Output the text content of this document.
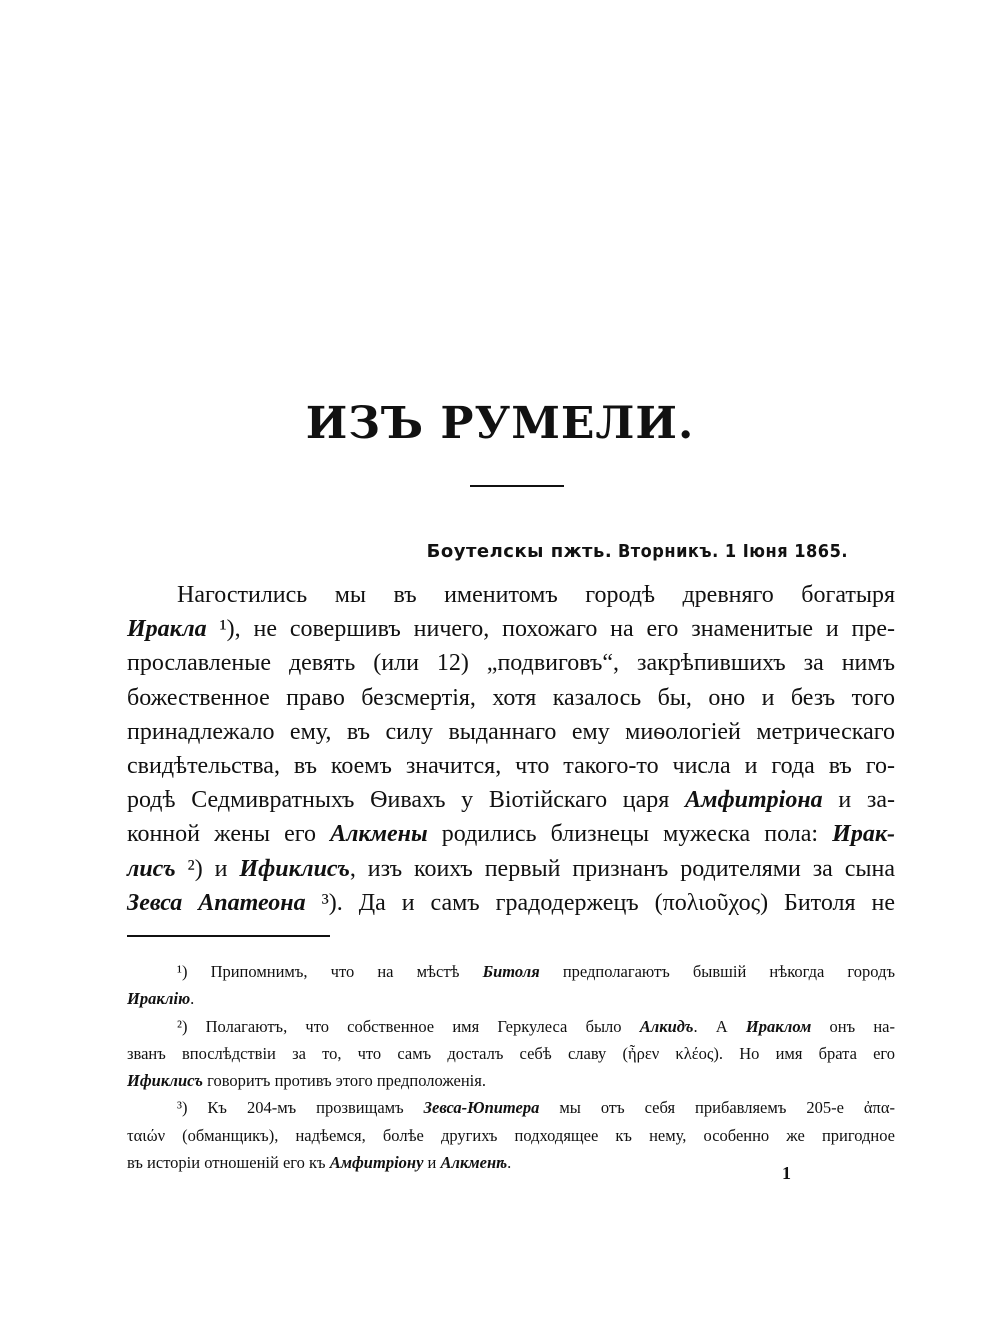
ИЗЪ РУМЕЛИ.
Боутелскы пжть. Вторникъ. 1 Іюня 1865.
Нагостились мы въ именитомъ городѣ древняго богатыря
Иракла ¹), не совершивъ ничего, похожаго на его знаменитые и пре-
прославленые девять (или 12) „подвиговъ“, закрѣпившихъ за нимъ
божественное право безсмертія, хотя казалось бы, оно и безъ того
принадлежало ему, въ силу выданнаго ему миѳологіей метрическаго
свидѣтельства, въ коемъ значится, что такого-то числа и года въ го-
родѣ Седмивратныхъ Ѳивахъ у Віотійскаго царя Амфитріона и за-
конной жены его Алкмены родились близнецы мужеска пола: Ирак-
лисъ ²) и Ификлисъ, изъ коихъ первый признанъ родителями за сына
Зевса Апатеона ³). Да и самъ градодержецъ (πολιοῦχος) Битоля не
¹) Припомнимъ, что на мѣстѣ Битоля предполагаютъ бывшій нѣкогда городъ
Ираклію.
²) Полагаютъ, что собственное имя Геркулеса было Алкидъ. А Ираклом онъ на-
званъ впослѣдствіи за то, что самъ досталъ себѣ славу (ἦρεν κλέος). Но имя брата его
Ификлисъ говоритъ противъ этого предположенія.
³) Къ 204-мъ прозвищамъ Зевса-Юпитера мы отъ себя прибавляемъ 205-е ἀπα-
ταιών (обманщикъ), надѣемся, болѣе другихъ подходящее къ нему, особенно же пригодное
въ исторіи отношеній его къ Амфитріону и Алкменѣ.
1
